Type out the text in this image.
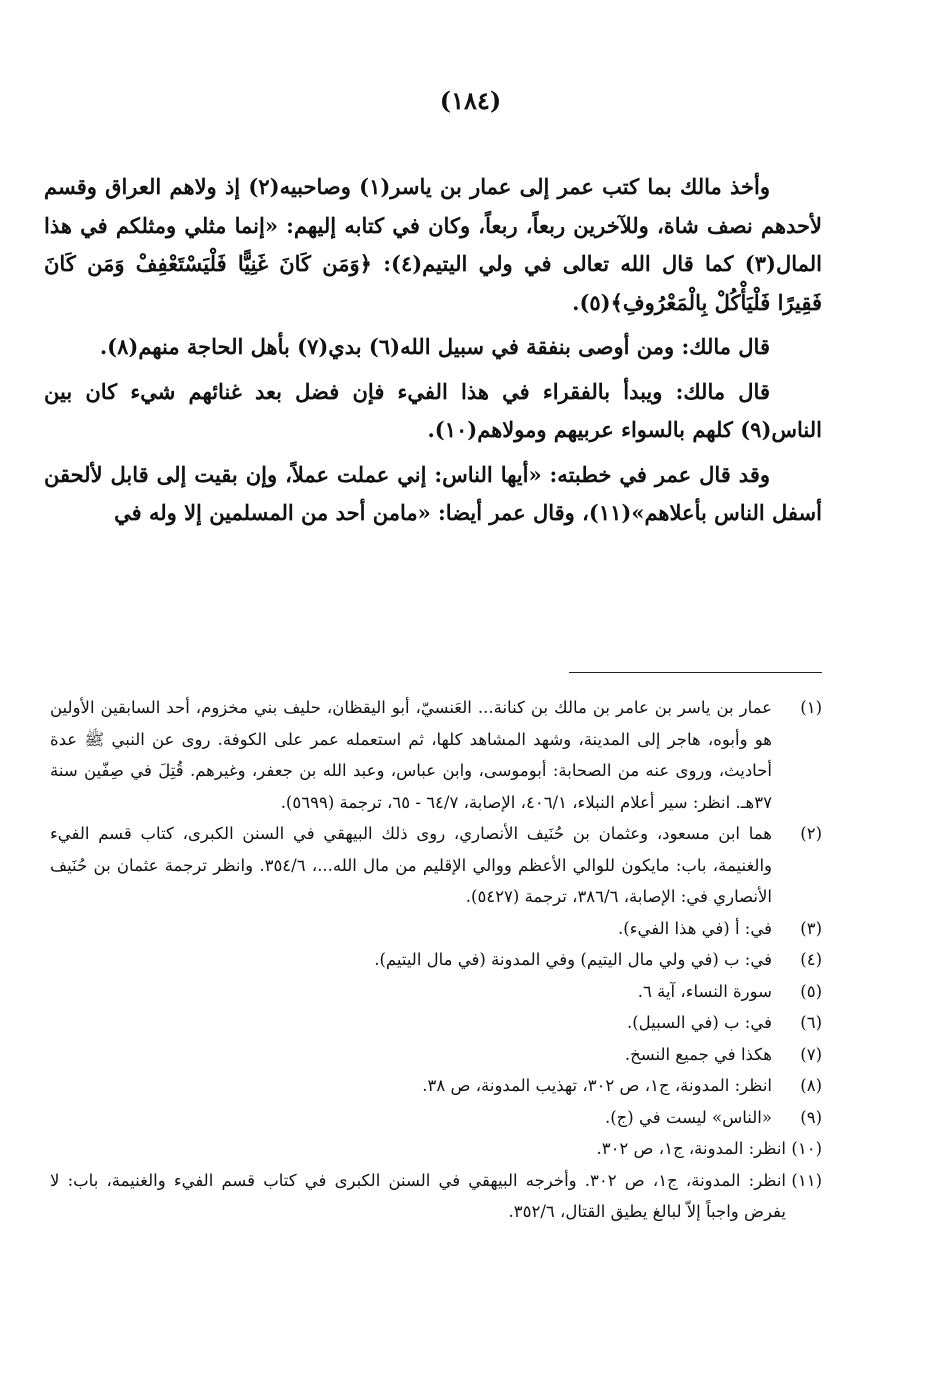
(١٨٤)

وأخذ مالك بما كتب عمر إلى عمار بن ياسر(١) وصاحبيه(٢) إذ ولاهم العراق وقسم لأحدهم نصف شاة، وللآخرين ربعاً، ربعاً، وكان في كتابه إليهم: «إنما مثلي ومثلكم في هذا المال(٣) كما قال الله تعالى في ولي اليتيم(٤): ﴿وَمَن كَانَ غَنِيًّا فَلْيَسْتَعْفِفْ وَمَن كَانَ فَقِيرًا فَلْيَأْكُلْ بِالْمَعْرُوفِ﴾(٥).

قال مالك: ومن أوصى بنفقة في سبيل الله(٦) بدي(٧) بأهل الحاجة منهم(٨).

قال مالك: ويبدأ بالفقراء في هذا الفيء فإن فضل بعد غنائهم شيء كان بين الناس(٩) كلهم بالسواء عربيهم ومولاهم(١٠).

وقد قال عمر في خطبته: «أيها الناس: إني عملت عملاً، وإن بقيت إلى قابل لألحقن أسفل الناس بأعلاهم»(١١)، وقال عمر أيضا: «مامن أحد من المسلمين إلا وله في

(١)
عمار بن ياسر بن عامر بن مالك بن كنانة... العَنسيّ، أبو اليقظان، حليف بني مخزوم، أحد السابقين الأولين هو وأبوه، هاجر إلى المدينة، وشهد المشاهد كلها، ثم استعمله عمر على الكوفة. روى عن النبي ﷺ عدة أحاديث، وروى عنه من الصحابة: أبوموسى، وابن عباس، وعبد الله بن جعفر، وغيرهم. قُتِلَ في صِفّين سنة ٣٧هـ. انظر: سير أعلام النبلاء، ٤٠٦/١، الإصابة، ٦٤/٧ - ٦٥، ترجمة (٥٦٩٩).
(٢)
هما ابن مسعود، وعثمان بن حُنَيف الأنصاري، روى ذلك البيهقي في السنن الكبرى، كتاب قسم الفيء والغنيمة، باب: مايكون للوالي الأعظم ووالي الإقليم من مال الله...، ٣٥٤/٦. وانظر ترجمة عثمان بن حُنَيف الأنصاري في: الإصابة، ٣٨٦/٦، ترجمة (٥٤٢٧).
(٣)
في: أ (في هذا الفيء).
(٤)
في: ب (في ولي مال اليتيم) وفي المدونة (في مال اليتيم).
(٥)
سورة النساء، آية ٦.
(٦)
في: ب (في السبيل).
(٧)
هكذا في جميع النسخ.
(٨)
انظر: المدونة، ج١، ص ٣٠٢، تهذيب المدونة، ص ٣٨.
(٩)
«الناس» ليست في (ج).
(١٠)
انظر: المدونة، ج١، ص ٣٠٢.
(١١)
انظر: المدونة، ج١، ص ٣٠٢. وأخرجه البيهقي في السنن الكبرى في كتاب قسم الفيء والغنيمة، باب: لا يفرض واجباً إلاّ لبالغ يطيق القتال، ٣٥٢/٦.
